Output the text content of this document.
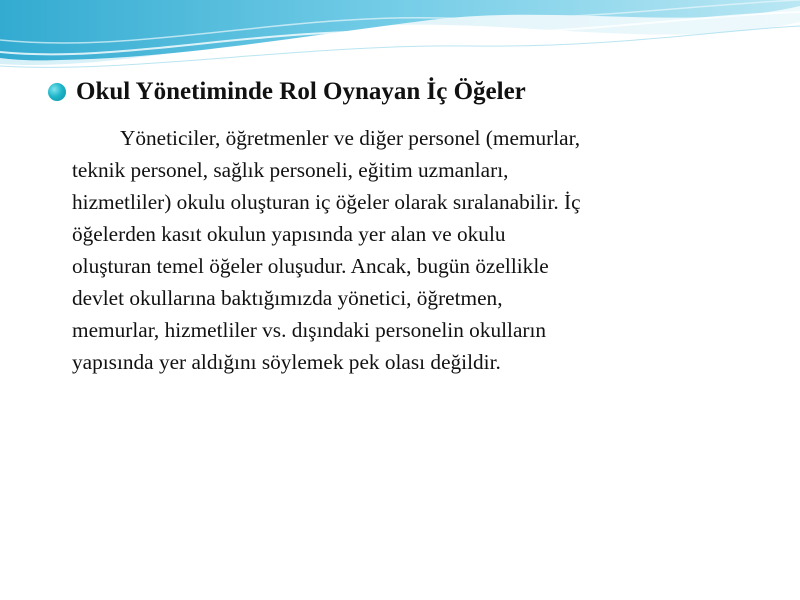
Okul Yönetiminde Rol Oynayan İç Öğeler

Yöneticiler, öğretmenler ve diğer personel (memurlar,
teknik personel, sağlık personeli, eğitim uzmanları,
hizmetliler) okulu oluşturan iç öğeler olarak sıralanabilir. İç
öğelerden kasıt okulun yapısında yer alan ve okulu
oluşturan temel öğeler oluşudur. Ancak, bugün özellikle
devlet okullarına baktığımızda yönetici, öğretmen,
memurlar, hizmetliler vs. dışındaki personelin okulların
yapısında yer aldığını söylemek pek olası değildir.
